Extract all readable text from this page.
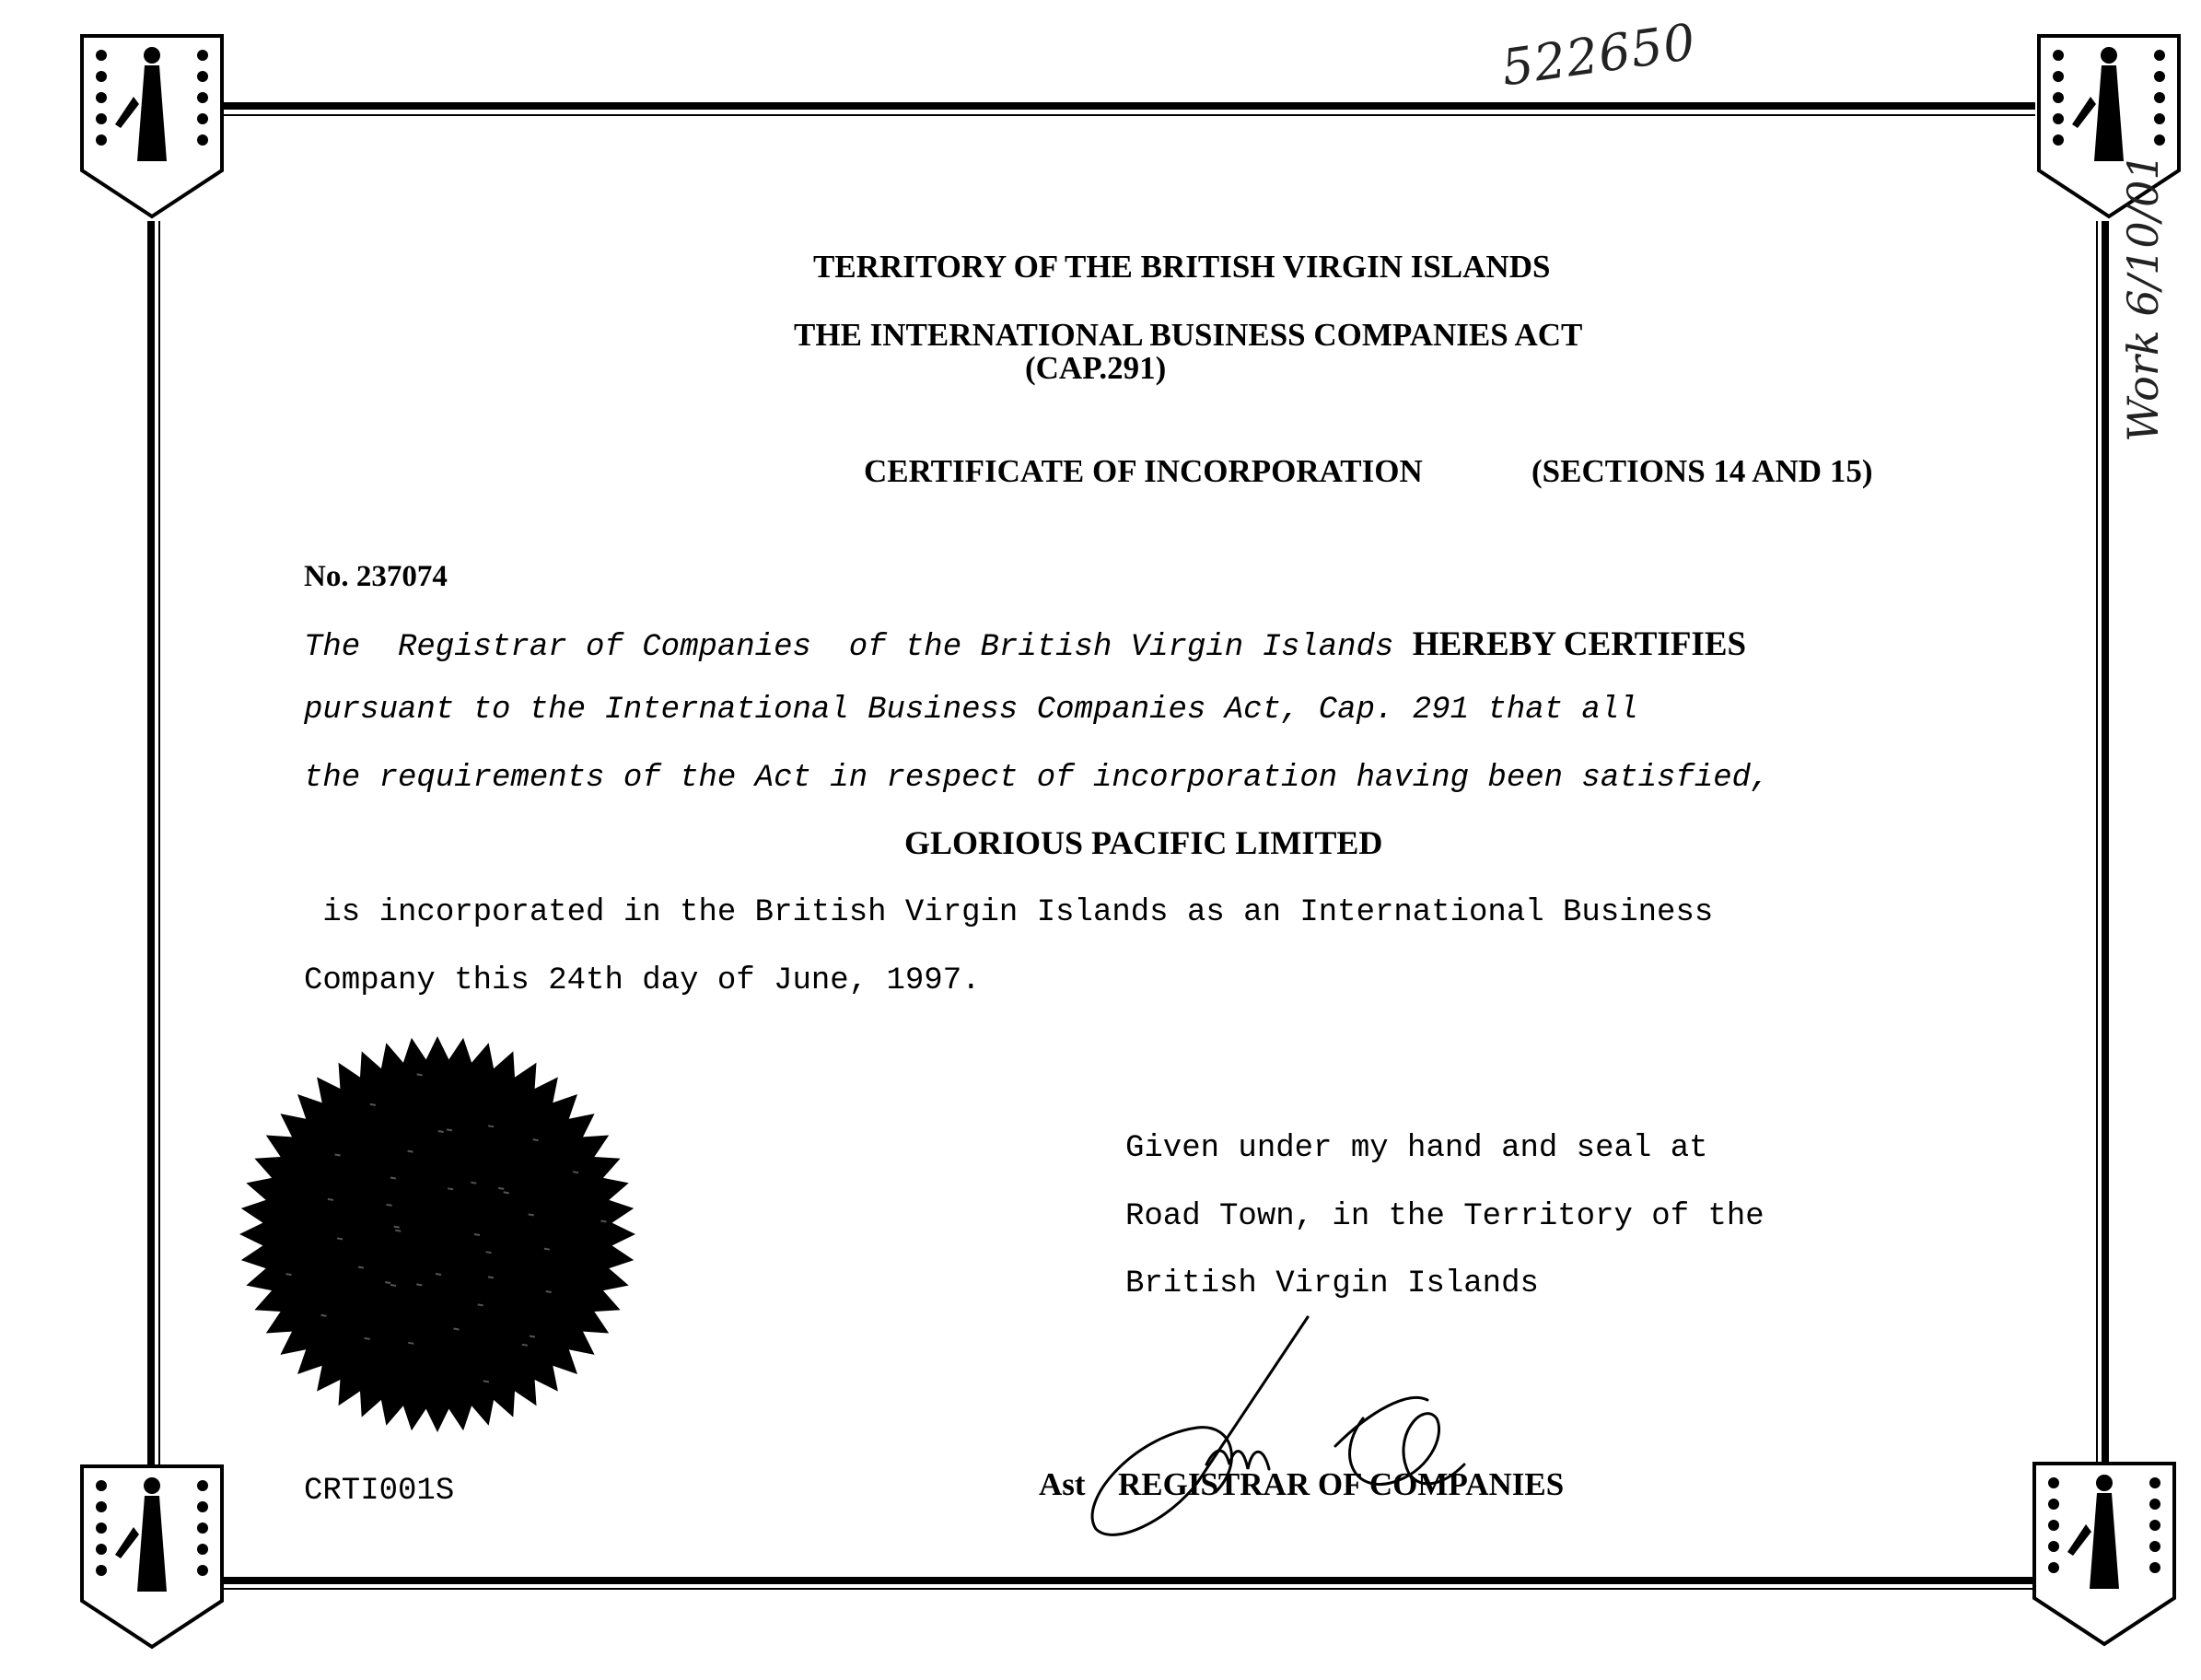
522650
Work 6/10/01
TERRITORY OF THE BRITISH VIRGIN ISLANDS
THE INTERNATIONAL BUSINESS COMPANIES ACT
(CAP.291)
CERTIFICATE OF INCORPORATION	(SECTIONS 14 AND 15)
No. 237074
The  Registrar of Companies  of the British Virgin Islands HEREBY CERTIFIES
pursuant to the International Business Companies Act, Cap. 291 that all
the requirements of the Act in respect of incorporation having been satisfied,
GLORIOUS PACIFIC LIMITED
is incorporated in the British Virgin Islands as an International Business
Company this 24th day of June, 1997.
Given under my hand and seal at
Road Town, in the Territory of the
British Virgin Islands
CRTI001S	Ast REGISTRAR OF COMPANIES
